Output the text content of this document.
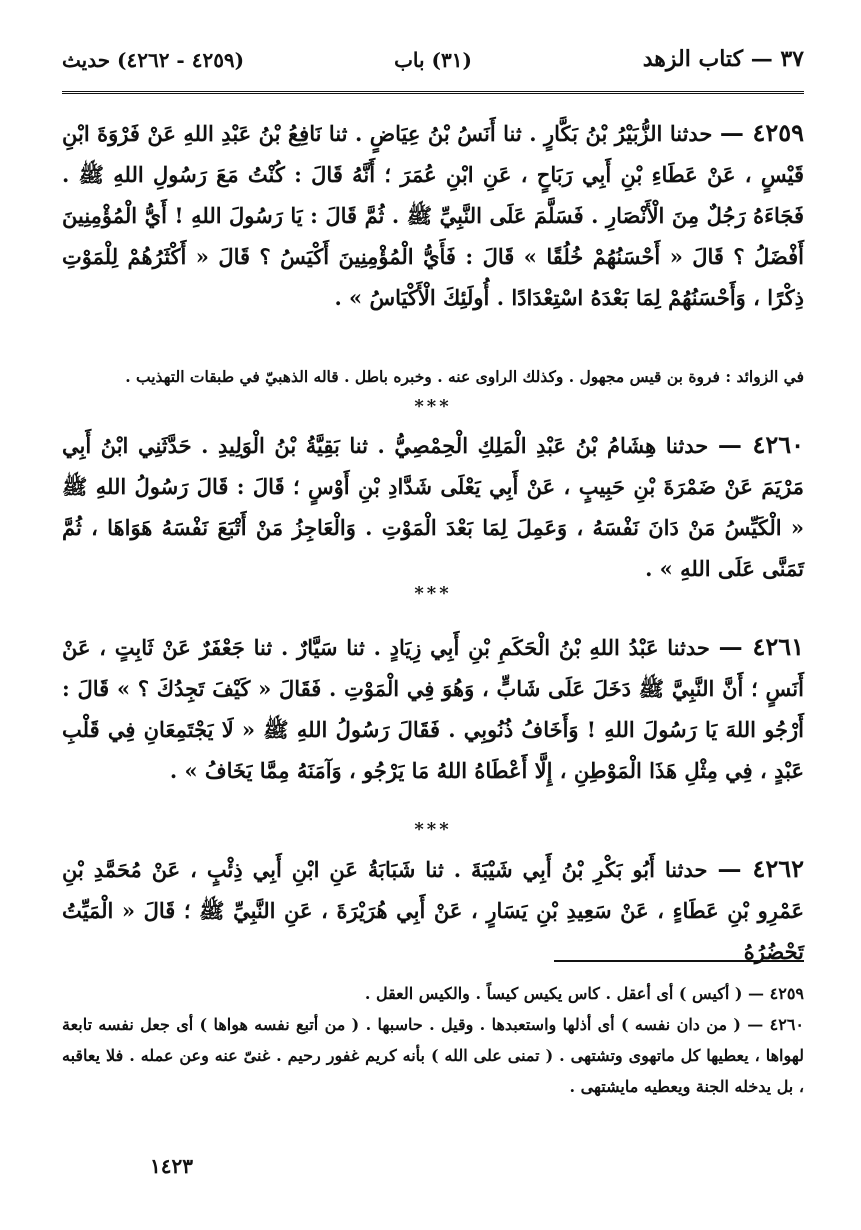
٣٧ — كتاب الزهد
(٣١) باب
(٤٢٥٩ - ٤٢٦٢) حديث
٤٢٥٩ — حدثنا الزُّبَيْرُ بْنُ بَكَّارٍ . ثنا أَنَسُ بْنُ عِيَاضٍ . ثنا نَافِعُ بْنُ عَبْدِ اللهِ عَنْ فَرْوَةَ ابْنِ قَيْسٍ ، عَنْ عَطَاءِ بْنِ أَبِي رَبَاحٍ ، عَنِ ابْنِ عُمَرَ ؛ أَنَّهُ قَالَ : كُنْتُ مَعَ رَسُولِ اللهِ ﷺ . فَجَاءَهُ رَجُلٌ مِنَ الْأَنْصَارِ . فَسَلَّمَ عَلَى النَّبِيِّ ﷺ . ثُمَّ قَالَ : يَا رَسُولَ اللهِ ! أَيُّ الْمُؤْمِنِينَ أَفْضَلُ ؟ قَالَ « أَحْسَنُهُمْ خُلُقًا » قَالَ : فَأَيُّ الْمُؤْمِنِينَ أَكْيَسُ ؟ قَالَ « أَكْثَرُهُمْ لِلْمَوْتِ ذِكْرًا ، وَأَحْسَنُهُمْ لِمَا بَعْدَهُ اسْتِعْدَادًا . أُولَئِكَ الْأَكْيَاسُ » .
في الزوائد : فروة بن قيس مجهول . وكذلك الراوى عنه . وخبره باطل . قاله الذهبيّ في طبقات التهذيب .
***
٤٢٦٠ — حدثنا هِشَامُ بْنُ عَبْدِ الْمَلِكِ الْحِمْصِيُّ . ثنا بَقِيَّةُ بْنُ الْوَلِيدِ . حَدَّثَنِي ابْنُ أَبِي مَرْيَمَ عَنْ ضَمْرَةَ بْنِ حَبِيبٍ ، عَنْ أَبِي يَعْلَى شَدَّادِ بْنِ أَوْسٍ ؛ قَالَ : قَالَ رَسُولُ اللهِ ﷺ « الْكَيِّسُ مَنْ دَانَ نَفْسَهُ ، وَعَمِلَ لِمَا بَعْدَ الْمَوْتِ . وَالْعَاجِزُ مَنْ أَتْبَعَ نَفْسَهُ هَوَاهَا ، ثُمَّ تَمَنَّى عَلَى اللهِ » .
***
٤٢٦١ — حدثنا عَبْدُ اللهِ بْنُ الْحَكَمِ بْنِ أَبِي زِيَادٍ . ثنا سَيَّارٌ . ثنا جَعْفَرٌ عَنْ ثَابِتٍ ، عَنْ أَنَسٍ ؛ أَنَّ النَّبِيَّ ﷺ دَخَلَ عَلَى شَابٍّ ، وَهُوَ فِي الْمَوْتِ . فَقَالَ « كَيْفَ تَجِدُكَ ؟ » قَالَ : أَرْجُو اللهَ يَا رَسُولَ اللهِ ! وَأَخَافُ ذُنُوبِي . فَقَالَ رَسُولُ اللهِ ﷺ « لَا يَجْتَمِعَانِ فِي قَلْبِ عَبْدٍ ، فِي مِثْلِ هَذَا الْمَوْطِنِ ، إِلَّا أَعْطَاهُ اللهُ مَا يَرْجُو ، وَآمَنَهُ مِمَّا يَخَافُ » .
***
٤٢٦٢ — حدثنا أَبُو بَكْرِ بْنُ أَبِي شَيْبَةَ . ثنا شَبَابَةُ عَنِ ابْنِ أَبِي ذِئْبٍ ، عَنْ مُحَمَّدِ بْنِ عَمْرِو بْنِ عَطَاءٍ ، عَنْ سَعِيدِ بْنِ يَسَارٍ ، عَنْ أَبِي هُرَيْرَةَ ، عَنِ النَّبِيِّ ﷺ ؛ قَالَ « الْمَيِّتُ تَحْضُرُهُ

٤٢٥٩ — ( أكيس ) أى أعقل . كاس يكيس كيساً . والكيس العقل .

٤٢٦٠ — ( من دان نفسه ) أى أذلها واستعبدها . وقيل . حاسبها . ( من أتبع نفسه هواها ) أى جعل نفسه تابعة لهواها ، يعطيها كل ماتهوى وتشتهى . ( تمنى على الله ) بأنه كريم غفور رحيم . غنىّ عنه وعن عمله . فلا يعاقبه ، بل يدخله الجنة ويعطيه مايشتهى .

١٤٢٣
